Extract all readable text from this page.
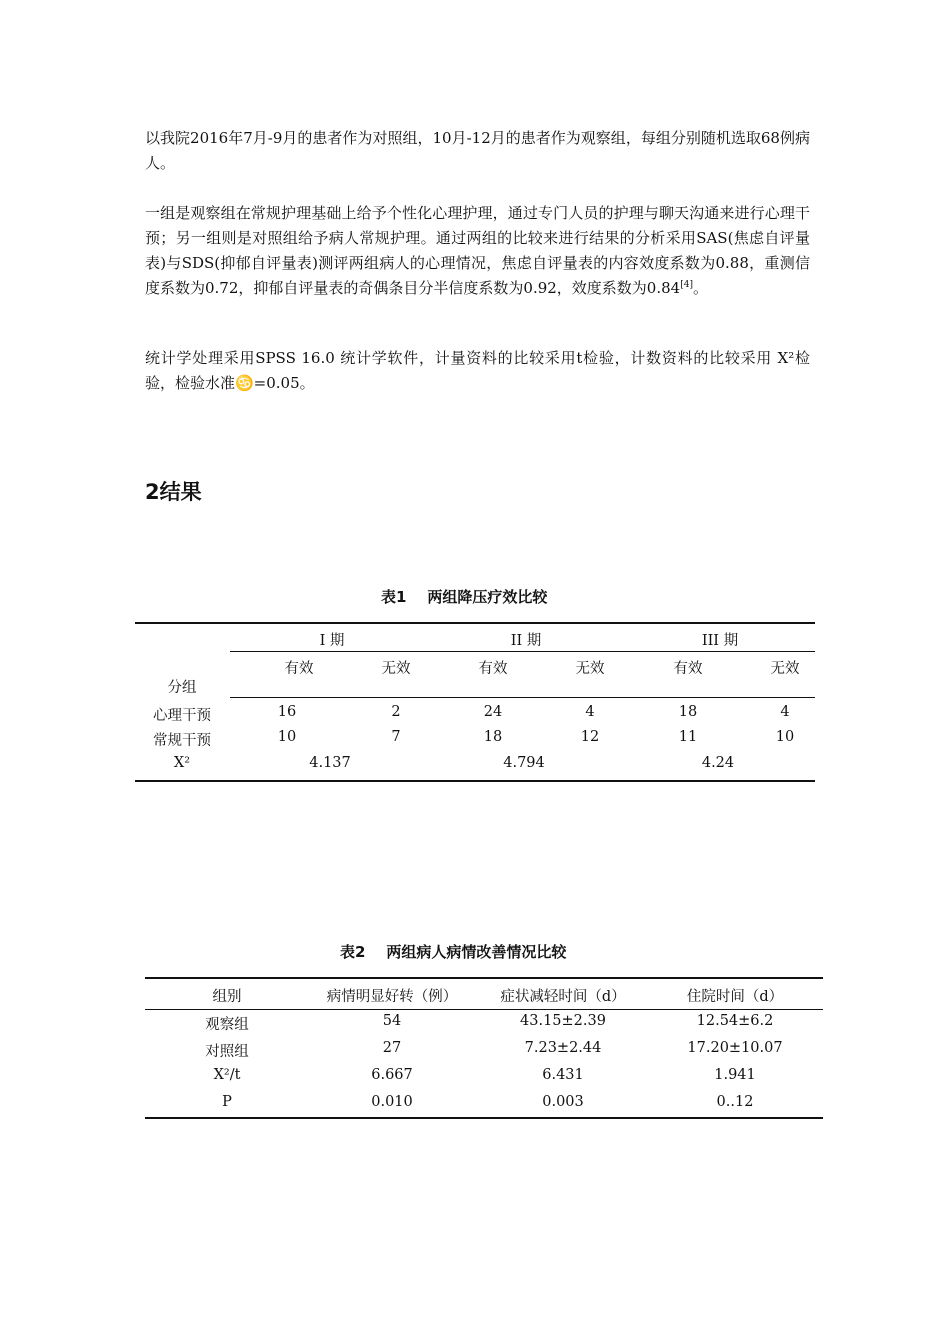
以我院2016年7月-9月的患者作为对照组，10月-12月的患者作为观察组，每组分别随机选取68例病人。

一组是观察组在常规护理基础上给予个性化心理护理，通过专门人员的护理与聊天沟通来进行心理干预；另一组则是对照组给予病人常规护理。通过两组的比较来进行结果的分析采用SAS(焦虑自评量表)与SDS(抑郁自评量表)测评两组病人的心理情况，焦虑自评量表的内容效度系数为0.88，重测信度系数为0.72，抑郁自评量表的奇偶条目分半信度系数为0.92，效度系数为0.84[4]。

统计学处理采用SPSS 16.0 统计学软件，计量资料的比较采用t检验，计数资料的比较采用 X²检验，检验水准♋=0.05。

2结果
表1    两组降压疗效比较
分组
I 期	II 期	III 期
有效	无效	有效	无效	有效	无效
心理干预	16	2	24	4	18	4
常规干预	10	7	18	12	11	10
X²	4.137	4.794	4.24
表2    两组病人病情改善情况比较
组别	病情明显好转（例）	症状减轻时间（d）	住院时间（d）
观察组	54	43.15±2.39	12.54±6.2
对照组	27	7.23±2.44	17.20±10.07
X²/t	6.667	6.431	1.941
P	0.010	0.003	0..12
